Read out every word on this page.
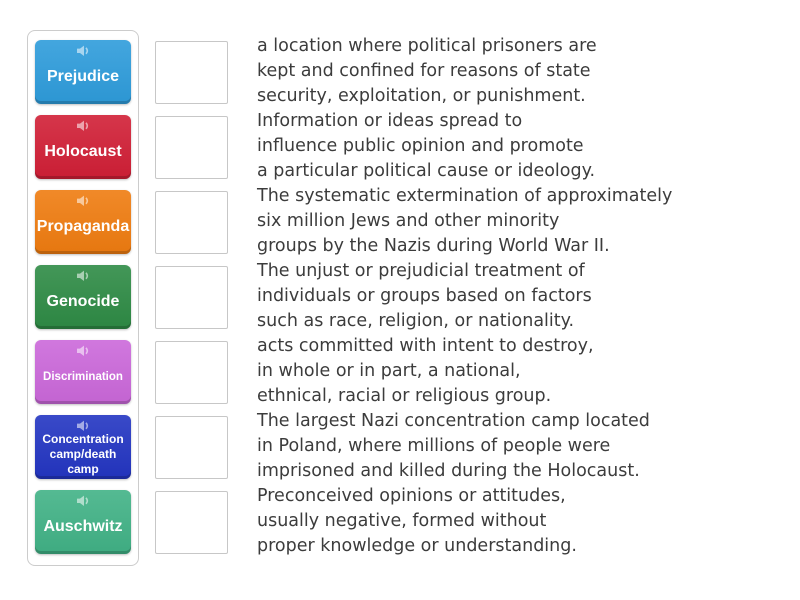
Prejudice
Holocaust
Propaganda
Genocide
Discrimination
Concentration camp/death camp
Auschwitz
a location where political prisoners are
kept and confined for reasons of state
security, exploitation, or punishment.
Information or ideas spread to
influence public opinion and promote
a particular political cause or ideology.
The systematic extermination of approximately
six million Jews and other minority
groups by the Nazis during World War II.
The unjust or prejudicial treatment of
individuals or groups based on factors
such as race, religion, or nationality.
acts committed with intent to destroy,
in whole or in part, a national,
ethnical, racial or religious group.
The largest Nazi concentration camp located
in Poland, where millions of people were
imprisoned and killed during the Holocaust.
Preconceived opinions or attitudes,
usually negative, formed without
proper knowledge or understanding.
